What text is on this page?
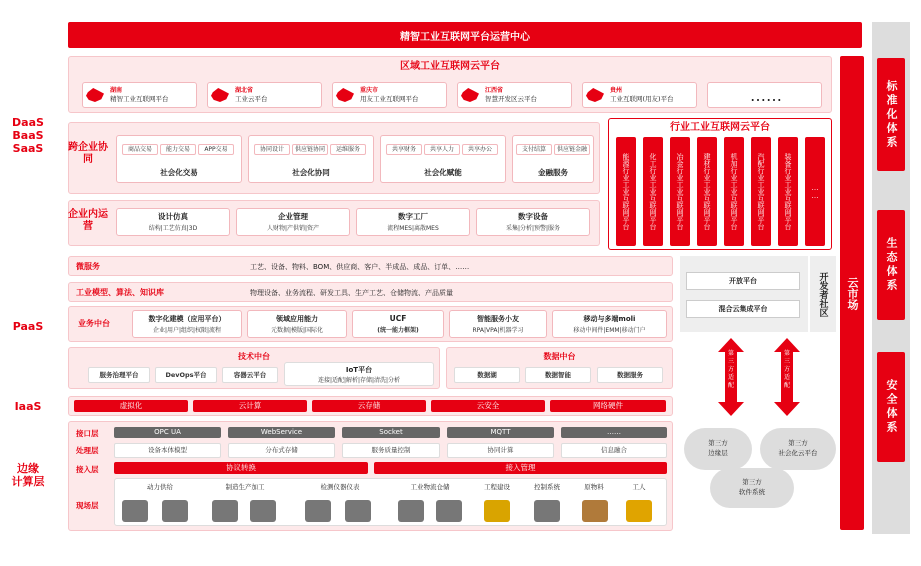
精智工业互联网平台运营中心
DaaS
BaaS
SaaS
PaaS
IaaS
边缘
计算层
区域工业互联网云平台
湖南
精智工业互联网平台
湖北省
工业云平台
重庆市
用友工业互联网平台
江西省
智慧开发区云平台
贵州
工业互联网(用友)平台	……
跨企业协同
商品交易	能力交易	APP交易
社会化交易
协同设计	供应链协同	运维服务
社会化协同
共享财务	共享人力	共享办公
社会化赋能
支付结算	供应链金融
金融服务
企业内运营
设计仿真
结构|工艺仿真|3D
企业管理
人财物|产供销|资产
数字工厂
流程MES|离散MES
数字设备
采集|分析|预警|服务
行业工业互联网云平台
能源行业工业互联网平台	化工行业工业互联网平台	冶金行业工业互联网平台	建材行业工业互联网平台	机加行业工业互联网平台	汽配行业工业互联网平台	装备行业工业互联网平台	……
微服务	工艺、设备、物料、BOM、供应商、客户、半成品、成品、订单、……
工业模型、算法、知识库	物理设备、业务流程、研发工具、生产工艺、仓储物流、产品质量
业务中台	数字化建模（应用平台）
企业|用户|组织|权限|流程
领域应用能力
元数据|模版|国际化
UCF
(统一能力框架)
智能服务小友
RPA|VPA|机器学习
移动与多端moli
移动中间件|EMM|移动门户
技术中台
服务治理平台	DevOps平台	容器云平台
IoT平台
连接|适配|解析|存储|清洗|分析
数据中台
数据湖	数据智能	数据服务
开放平台
混合云集成平台	开发者社区
第三方适配
第三方适配
虚拟化	云计算	云存储	云安全	网络硬件
接口层	OPC UA	WebService	Socket	MQTT	……
处理层	设备本体模型	分布式存储	服务质量控制	协同计算	信息融合
接入层	协议转换	接入管理
现场层
动力供给	制造生产加工	检测仪器仪表	工业物流仓储	工程建设	控制系统	原物料	工人
第三方
边缘层
第三方
社会化云平台
第三方
软件系统
云市场
标准化体系
生态体系
安全体系
